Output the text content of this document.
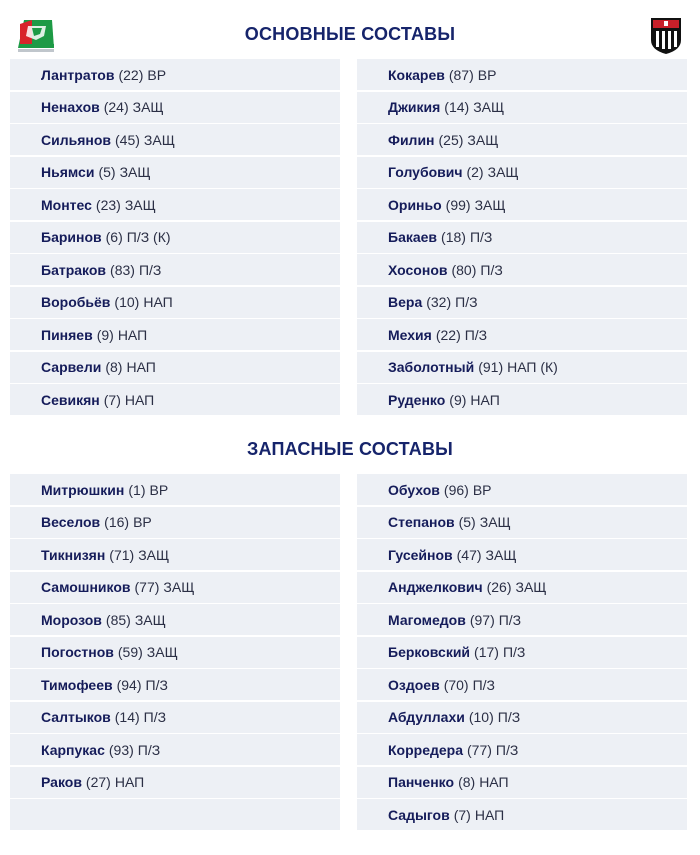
ОСНОВНЫЕ СОСТАВЫ
Лантратов (22) ВР
Ненахов (24) ЗАЩ
Сильянов (45) ЗАЩ
Ньямси (5) ЗАЩ
Монтес (23) ЗАЩ
Баринов (6) П/З (К)
Батраков (83) П/З
Воробьёв (10) НАП
Пиняев (9) НАП
Сарвели (8) НАП
Севикян (7) НАП
Кокарев (87) ВР
Джикия (14) ЗАЩ
Филин (25) ЗАЩ
Голубович (2) ЗАЩ
Ориньо (99) ЗАЩ
Бакаев (18) П/З
Хосонов (80) П/З
Вера (32) П/З
Мехия (22) П/З
Заболотный (91) НАП (К)
Руденко (9) НАП
ЗАПАСНЫЕ СОСТАВЫ
Митрюшкин (1) ВР
Веселов (16) ВР
Тикнизян (71) ЗАЩ
Самошников (77) ЗАЩ
Морозов (85) ЗАЩ
Погостнов (59) ЗАЩ
Тимофеев (94) П/З
Салтыков (14) П/З
Карпукас (93) П/З
Раков (27) НАП
Обухов (96) ВР
Степанов (5) ЗАЩ
Гусейнов (47) ЗАЩ
Анджелкович (26) ЗАЩ
Магомедов (97) П/З
Берковский (17) П/З
Оздоев (70) П/З
Абдуллахи (10) П/З
Корредера (77) П/З
Панченко (8) НАП
Садыгов (7) НАП
